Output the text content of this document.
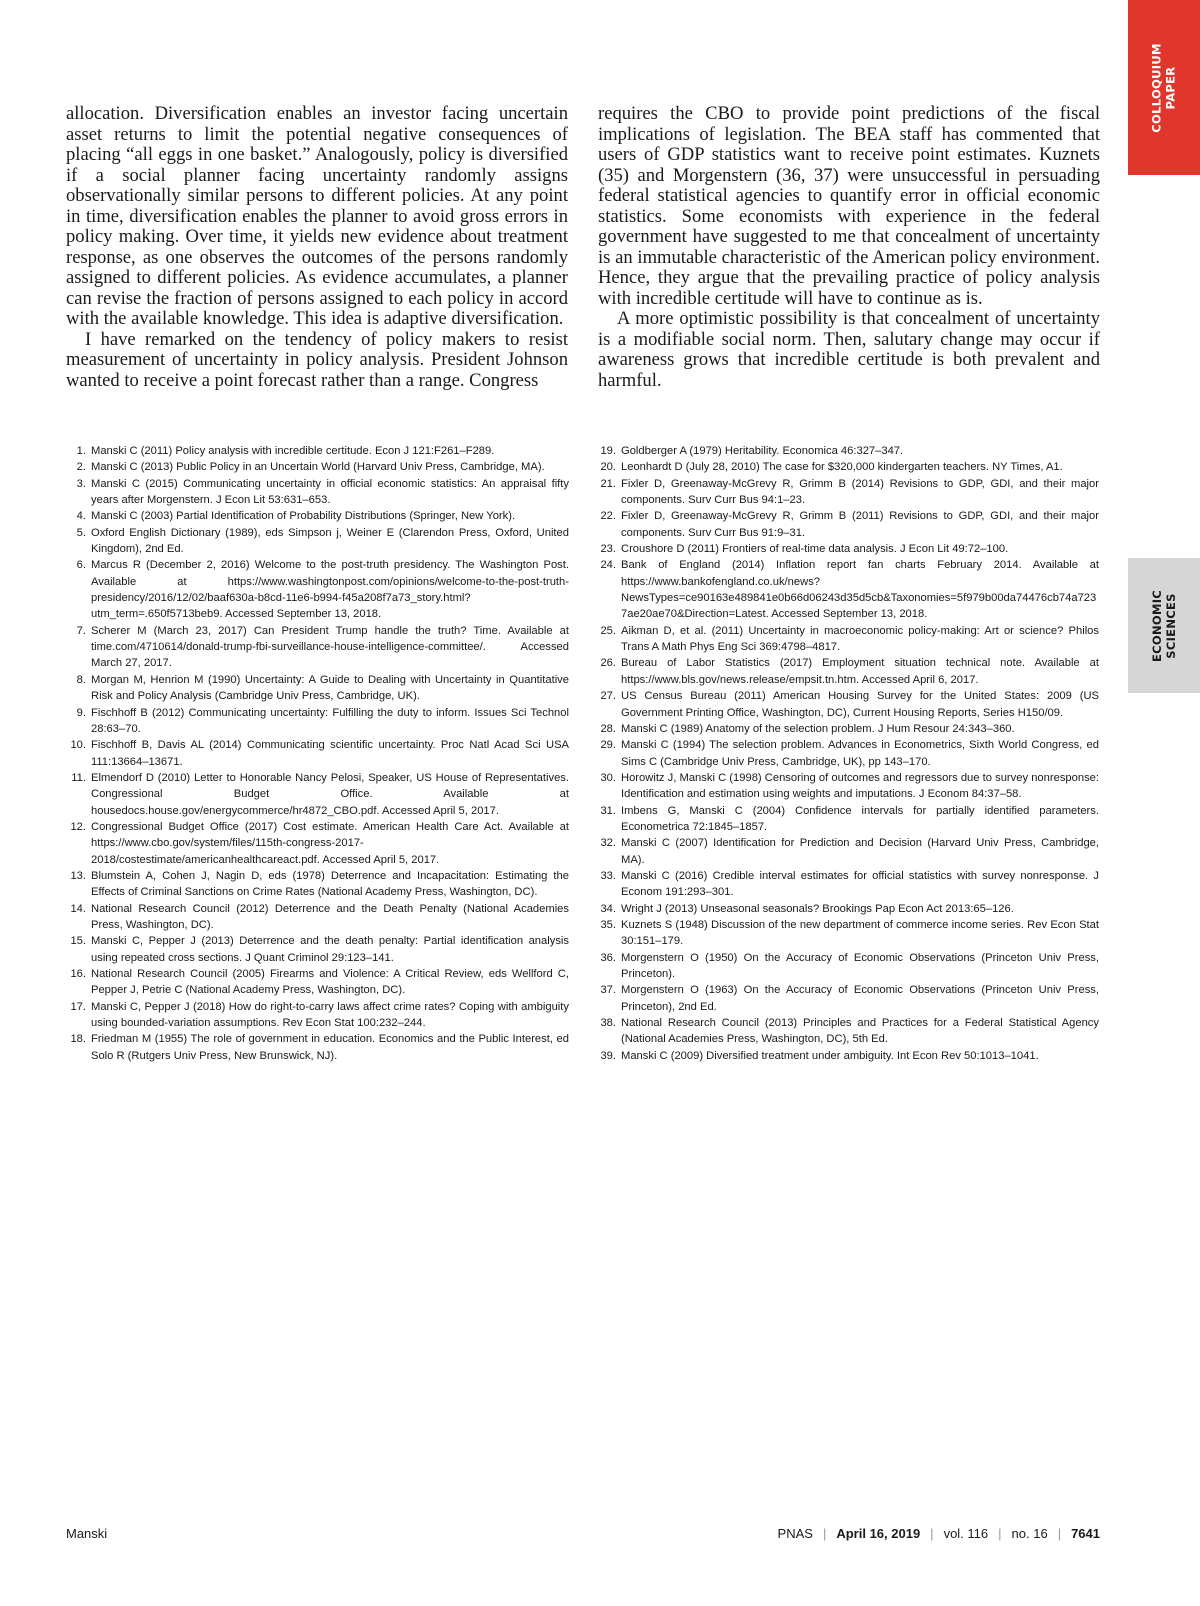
COLLOQUIUM PAPER
ECONOMIC SCIENCES

allocation. Diversification enables an investor facing uncertain asset returns to limit the potential negative consequences of placing “all eggs in one basket.” Analogously, policy is diversified if a social planner facing uncertainty randomly assigns observationally similar persons to different policies. At any point in time, diversification enables the planner to avoid gross errors in policy making. Over time, it yields new evidence about treatment response, as one observes the outcomes of the persons randomly assigned to different policies. As evidence accumulates, a planner can revise the fraction of persons assigned to each policy in accord with the available knowledge. This idea is adaptive diversification.

I have remarked on the tendency of policy makers to resist measurement of uncertainty in policy analysis. President Johnson wanted to receive a point forecast rather than a range. Congress

requires the CBO to provide point predictions of the fiscal implications of legislation. The BEA staff has commented that users of GDP statistics want to receive point estimates. Kuznets (35) and Morgenstern (36, 37) were unsuccessful in persuading federal statistical agencies to quantify error in official economic statistics. Some economists with experience in the federal government have suggested to me that concealment of uncertainty is an immutable characteristic of the American policy environment. Hence, they argue that the prevailing practice of policy analysis with incredible certitude will have to continue as is.

A more optimistic possibility is that concealment of uncertainty is a modifiable social norm. Then, salutary change may occur if awareness grows that incredible certitude is both prevalent and harmful.

1. Manski C (2011) Policy analysis with incredible certitude. Econ J 121:F261–F289.
2. Manski C (2013) Public Policy in an Uncertain World (Harvard Univ Press, Cambridge, MA).
3. Manski C (2015) Communicating uncertainty in official economic statistics: An appraisal fifty years after Morgenstern. J Econ Lit 53:631–653.
4. Manski C (2003) Partial Identification of Probability Distributions (Springer, New York).
5. Oxford English Dictionary (1989), eds Simpson j, Weiner E (Clarendon Press, Oxford, United Kingdom), 2nd Ed.
6. Marcus R (December 2, 2016) Welcome to the post-truth presidency. The Washington Post. Available at https://www.washingtonpost.com/opinions/welcome-to-the-post-truth-presidency/2016/12/02/baaf630a-b8cd-11e6-b994-f45a208f7a73_story.html?utm_term=.650f5713beb9. Accessed September 13, 2018.
7. Scherer M (March 23, 2017) Can President Trump handle the truth? Time. Available at time.com/4710614/donald-trump-fbi-surveillance-house-intelligence-committee/. Accessed March 27, 2017.
8. Morgan M, Henrion M (1990) Uncertainty: A Guide to Dealing with Uncertainty in Quantitative Risk and Policy Analysis (Cambridge Univ Press, Cambridge, UK).
9. Fischhoff B (2012) Communicating uncertainty: Fulfilling the duty to inform. Issues Sci Technol 28:63–70.
10. Fischhoff B, Davis AL (2014) Communicating scientific uncertainty. Proc Natl Acad Sci USA 111:13664–13671.
11. Elmendorf D (2010) Letter to Honorable Nancy Pelosi, Speaker, US House of Representatives. Congressional Budget Office. Available at housedocs.house.gov/energycommerce/hr4872_CBO.pdf. Accessed April 5, 2017.
12. Congressional Budget Office (2017) Cost estimate. American Health Care Act. Available at https://www.cbo.gov/system/files/115th-congress-2017-2018/costestimate/americanhealthcareact.pdf. Accessed April 5, 2017.
13. Blumstein A, Cohen J, Nagin D, eds (1978) Deterrence and Incapacitation: Estimating the Effects of Criminal Sanctions on Crime Rates (National Academy Press, Washington, DC).
14. National Research Council (2012) Deterrence and the Death Penalty (National Academies Press, Washington, DC).
15. Manski C, Pepper J (2013) Deterrence and the death penalty: Partial identification analysis using repeated cross sections. J Quant Criminol 29:123–141.
16. National Research Council (2005) Firearms and Violence: A Critical Review, eds Wellford C, Pepper J, Petrie C (National Academy Press, Washington, DC).
17. Manski C, Pepper J (2018) How do right-to-carry laws affect crime rates? Coping with ambiguity using bounded-variation assumptions. Rev Econ Stat 100:232–244.
18. Friedman M (1955) The role of government in education. Economics and the Public Interest, ed Solo R (Rutgers Univ Press, New Brunswick, NJ).
19. Goldberger A (1979) Heritability. Economica 46:327–347.
20. Leonhardt D (July 28, 2010) The case for $320,000 kindergarten teachers. NY Times, A1.
21. Fixler D, Greenaway-McGrevy R, Grimm B (2014) Revisions to GDP, GDI, and their major components. Surv Curr Bus 94:1–23.
22. Fixler D, Greenaway-McGrevy R, Grimm B (2011) Revisions to GDP, GDI, and their major components. Surv Curr Bus 91:9–31.
23. Croushore D (2011) Frontiers of real-time data analysis. J Econ Lit 49:72–100.
24. Bank of England (2014) Inflation report fan charts February 2014. Available at https://www.bankofengland.co.uk/news?NewsTypes=ce90163e489841e0b66d06243d35d5cb&Taxonomies=5f979b00da74476cb74a7237ae20ae70&Direction=Latest. Accessed September 13, 2018.
25. Aikman D, et al. (2011) Uncertainty in macroeconomic policy-making: Art or science? Philos Trans A Math Phys Eng Sci 369:4798–4817.
26. Bureau of Labor Statistics (2017) Employment situation technical note. Available at https://www.bls.gov/news.release/empsit.tn.htm. Accessed April 6, 2017.
27. US Census Bureau (2011) American Housing Survey for the United States: 2009 (US Government Printing Office, Washington, DC), Current Housing Reports, Series H150/09.
28. Manski C (1989) Anatomy of the selection problem. J Hum Resour 24:343–360.
29. Manski C (1994) The selection problem. Advances in Econometrics, Sixth World Congress, ed Sims C (Cambridge Univ Press, Cambridge, UK), pp 143–170.
30. Horowitz J, Manski C (1998) Censoring of outcomes and regressors due to survey nonresponse: Identification and estimation using weights and imputations. J Econom 84:37–58.
31. Imbens G, Manski C (2004) Confidence intervals for partially identified parameters. Econometrica 72:1845–1857.
32. Manski C (2007) Identification for Prediction and Decision (Harvard Univ Press, Cambridge, MA).
33. Manski C (2016) Credible interval estimates for official statistics with survey nonresponse. J Econom 191:293–301.
34. Wright J (2013) Unseasonal seasonals? Brookings Pap Econ Act 2013:65–126.
35. Kuznets S (1948) Discussion of the new department of commerce income series. Rev Econ Stat 30:151–179.
36. Morgenstern O (1950) On the Accuracy of Economic Observations (Princeton Univ Press, Princeton).
37. Morgenstern O (1963) On the Accuracy of Economic Observations (Princeton Univ Press, Princeton), 2nd Ed.
38. National Research Council (2013) Principles and Practices for a Federal Statistical Agency (National Academies Press, Washington, DC), 5th Ed.
39. Manski C (2009) Diversified treatment under ambiguity. Int Econ Rev 50:1013–1041.
Manski	PNAS | April 16, 2019 | vol. 116 | no. 16 | 7641
